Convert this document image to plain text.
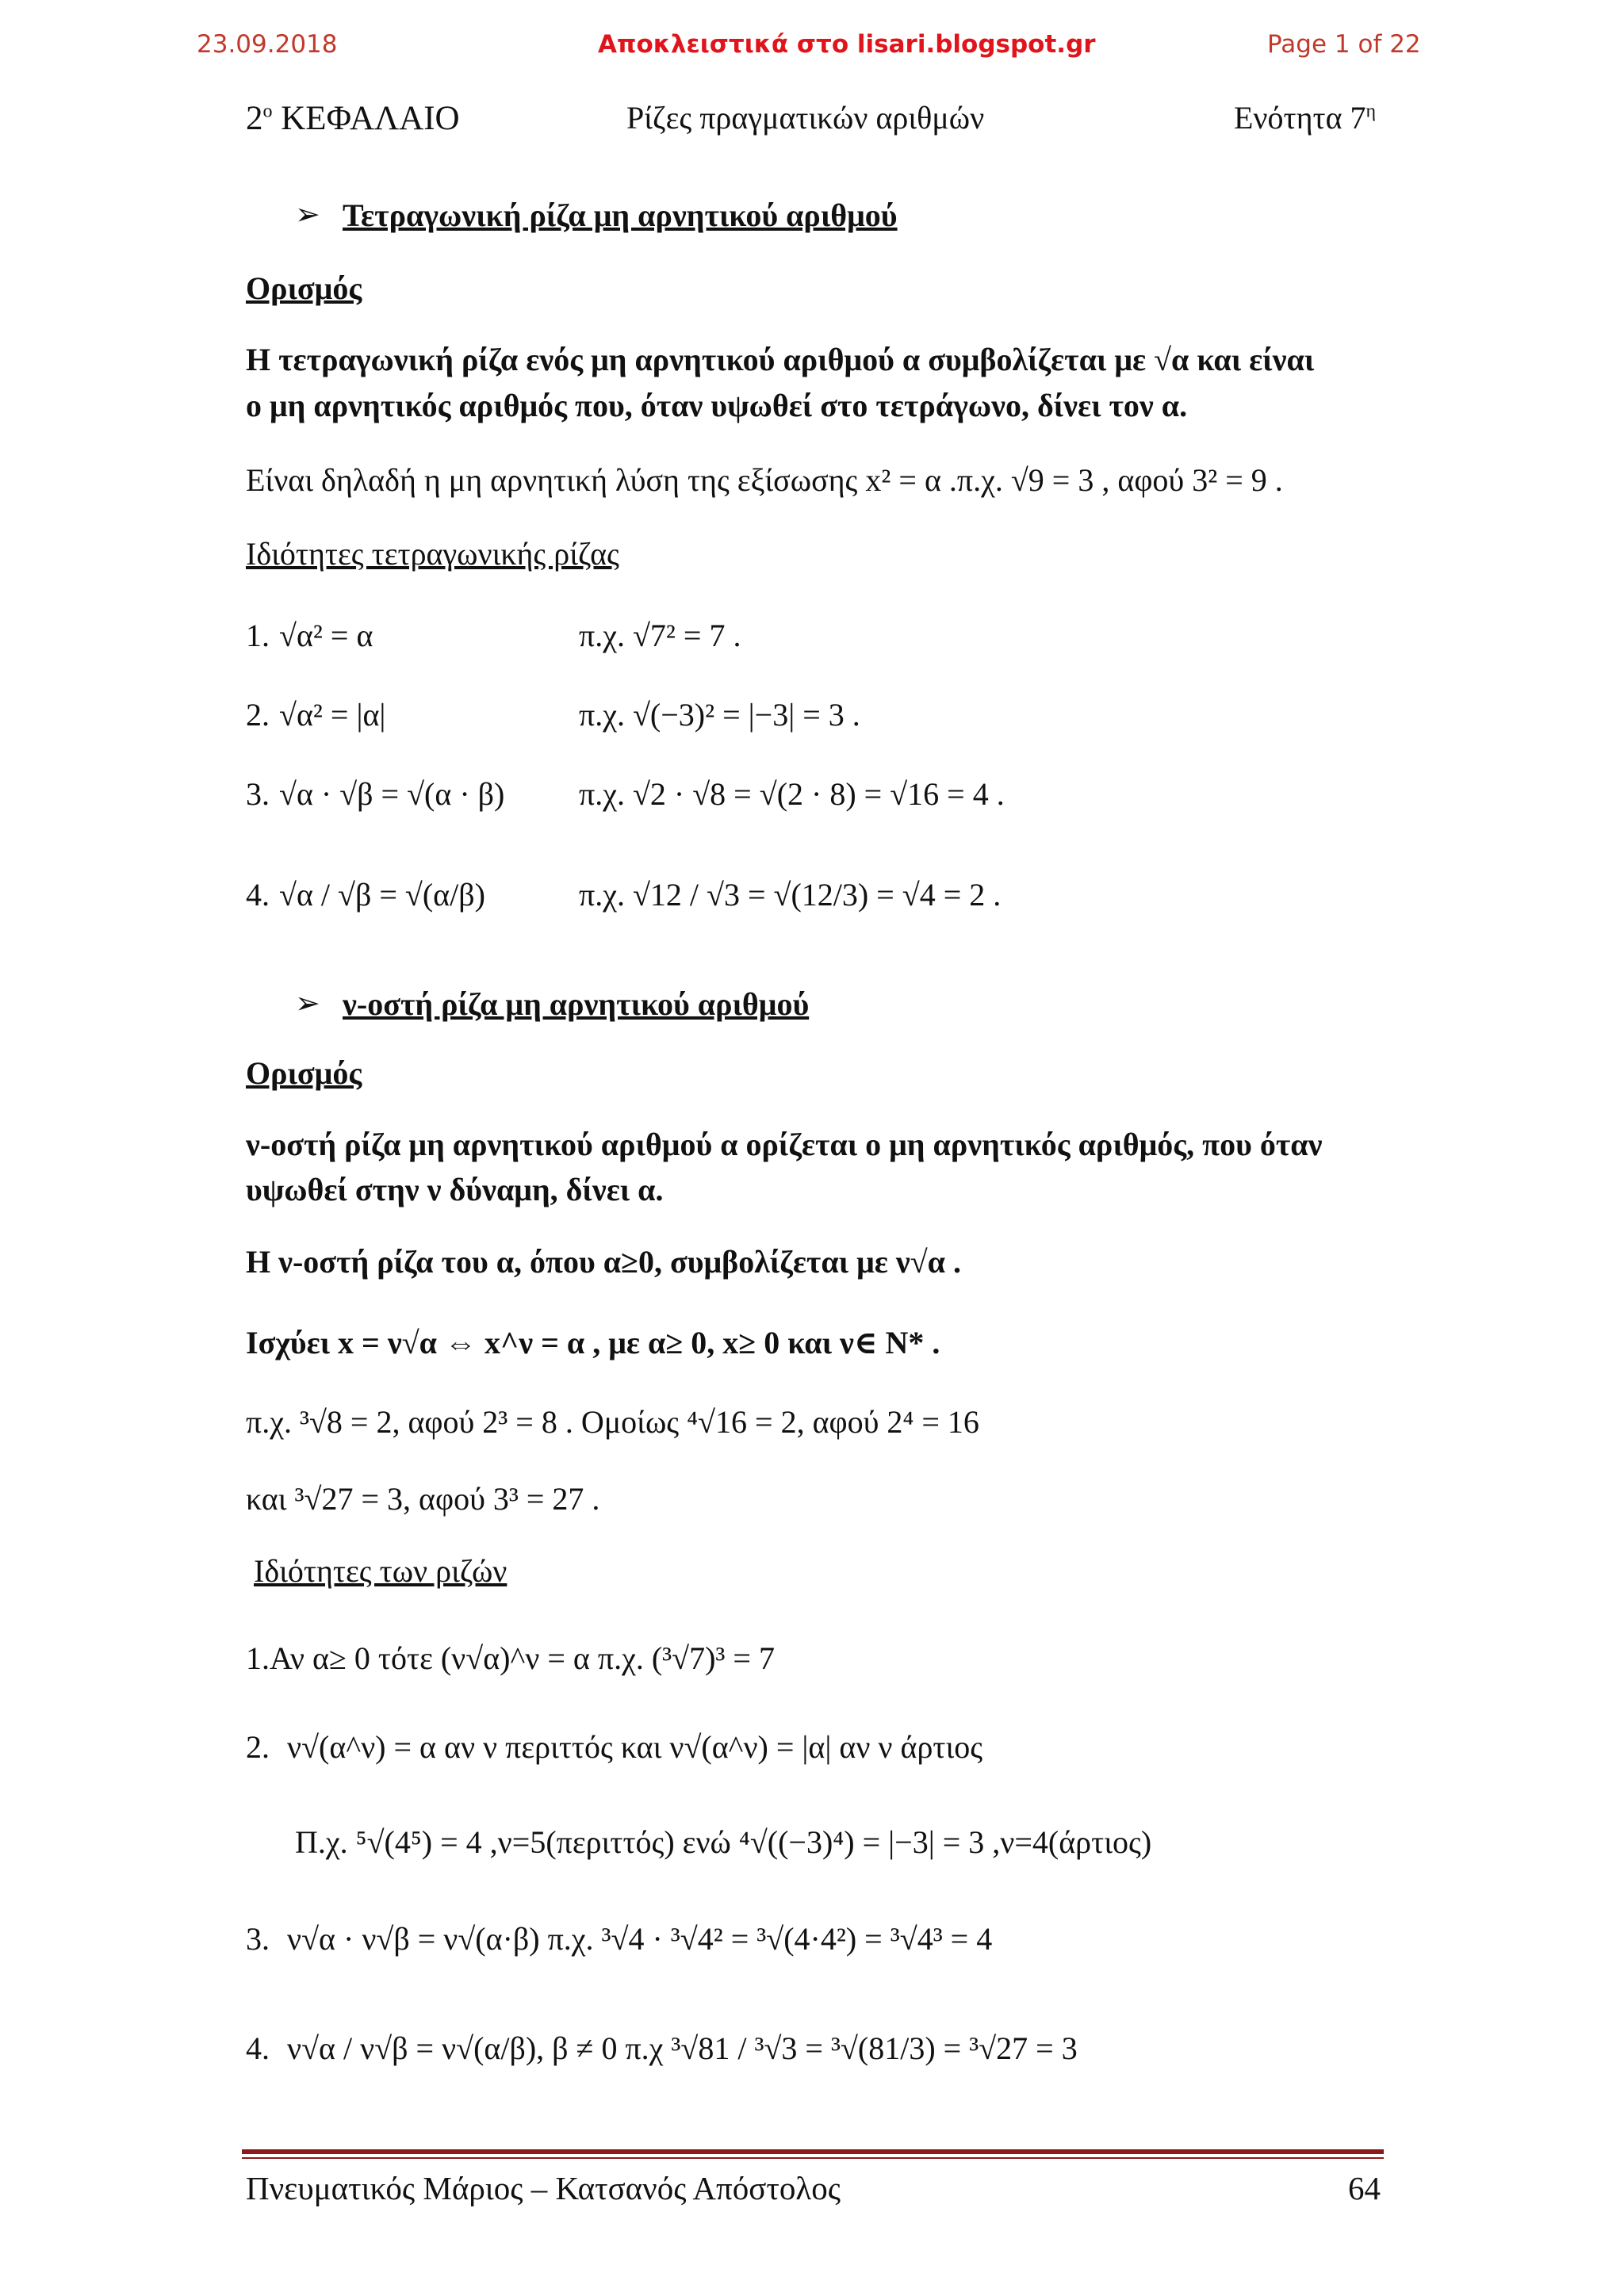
23.09.2018	Αποκλειστικά στο lisari.blogspot.gr	Page 1 of 22
$2^o$ ΚΕΦΑΛΑΙΟ	Ρίζες πραγματικών αριθμών	Ενότητα $7^\eta$
➢ Τετραγωνική ρίζα μη αρνητικού αριθμού
Ορισμός
Η τετραγωνική ρίζα ενός μη αρνητικού αριθμού α συμβολίζεται με √α και είναι
ο μη αρνητικός αριθμός που, όταν υψωθεί στο τετράγωνο, δίνει τον α.
Είναι δηλαδή η μη αρνητική λύση της εξίσωσης x² = α .π.χ. √9 = 3 , αφού 3² = 9 .
Ιδιότητες τετραγωνικής ρίζας
1. √α² = α	π.χ. √7² = 7 .
2. √α² = |α|	π.χ. √(−3)² = |−3| = 3 .
3. √α · √β = √(α · β) π.χ. √2 · √8 = √(2 · 8) = √16 = 4 .
4. √α / √β = √(α/β)	π.χ. √12 / √3 = √(12/3) = √4 = 2 .
➢ ν-οστή ρίζα μη αρνητικού αριθμού
Ορισμός
ν-οστή ρίζα μη αρνητικού αριθμού α ορίζεται ο μη αρνητικός αριθμός, που όταν
υψωθεί στην ν δύναμη, δίνει α.
Η ν-οστή ρίζα του α, όπου α≥0, συμβολίζεται με ν√α .
Ισχύει x = ν√α ⇔ x^ν = α , με α≥ 0, x≥ 0 και ν∈ N* .
π.χ. ³√8 = 2, αφού 2³ = 8 . Ομοίως ⁴√16 = 2, αφού 2⁴ = 16
και ³√27 = 3, αφού 3³ = 27 .
Ιδιότητες των ριζών
1. Αν α≥ 0 τότε (ν√α)^ν = α π.χ. (³√7)³ = 7
2. ν√(α^ν) = α αν ν περιττός και ν√(α^ν) = |α| αν ν άρτιος
Π.χ. ⁵√(4⁵) = 4 ,ν=5(περιττός) ενώ ⁴√((−3)⁴) = |−3| = 3 ,ν=4(άρτιος)
3. ν√α · ν√β = ν√(α·β) π.χ. ³√4 · ³√4² = ³√(4·4²) = ³√4³ = 4
4. ν√α / ν√β = ν√(α/β), β ≠ 0 π.χ ³√81 / ³√3 = ³√(81/3) = ³√27 = 3
Πνευματικός Μάριος – Κατσανός Απόστολος	64
